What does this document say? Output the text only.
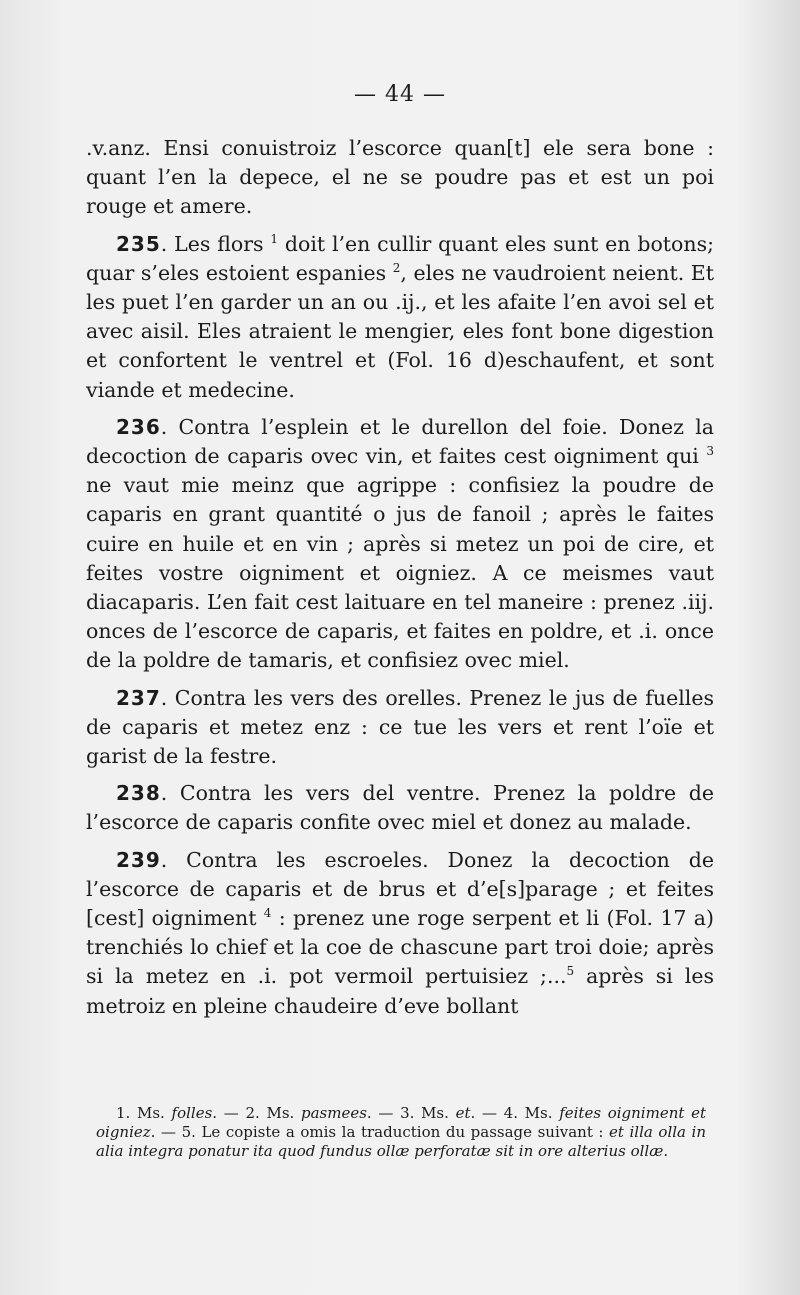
— 44 —

.v.anz. Ensi conuistroiz l’escorce quan[t] ele sera bone : quant l’en la depece, el ne se poudre pas et est un poi rouge et amere.

235. Les flors $^1$ doit l’en cullir quant eles sunt en botons; quar s’eles estoient espanies $^2$, eles ne vaudroient neient. Et les puet l’en garder un an ou .ij., et les afaite l’en avoi sel et avec aisil. Eles atraient le mengier, eles font bone digestion et confortent le ventrel et (Fol. 16 d)eschaufent, et sont viande et medecine.

236. Contra l’esplein et le durellon del foie. Donez la decoction de caparis ovec vin, et faites cest oigniment qui $^3$ ne vaut mie meinz que agrippe : confisiez la poudre de caparis en grant quantité o jus de fanoil ; après le faites cuire en huile et en vin ; après si metez un poi de cire, et feites vostre oigniment et oigniez. A ce meismes vaut diacaparis. L’en fait cest laituare en tel maneire : prenez .iij. onces de l’escorce de caparis, et faites en poldre, et .i. once de la poldre de tamaris, et confisiez ovec miel.

237. Contra les vers des orelles. Prenez le jus de fuelles de caparis et metez enz : ce tue les vers et rent l’oïe et garist de la festre.

238. Contra les vers del ventre. Prenez la poldre de l’escorce de caparis confite ovec miel et donez au malade.

239. Contra les escroeles. Donez la decoction de l’escorce de caparis et de brus et d’e[s]parage ; et feites [cest] oigniment $^4$ : prenez une roge serpent et li (Fol. 17 a) trenchiés lo chief et la coe de chascune part troi doie; après si la metez en .i. pot vermoil pertuisiez ;...$^5$ après si les metroiz en pleine chaudeire d’eve bollant

1. Ms. folles. — 2. Ms. pasmees. — 3. Ms. et. — 4. Ms. feites oigniment et oigniez. — 5. Le copiste a omis la traduction du passage suivant : et illa olla in alia integra ponatur ita quod fundus ollæ perforatæ sit in ore alterius ollæ.
